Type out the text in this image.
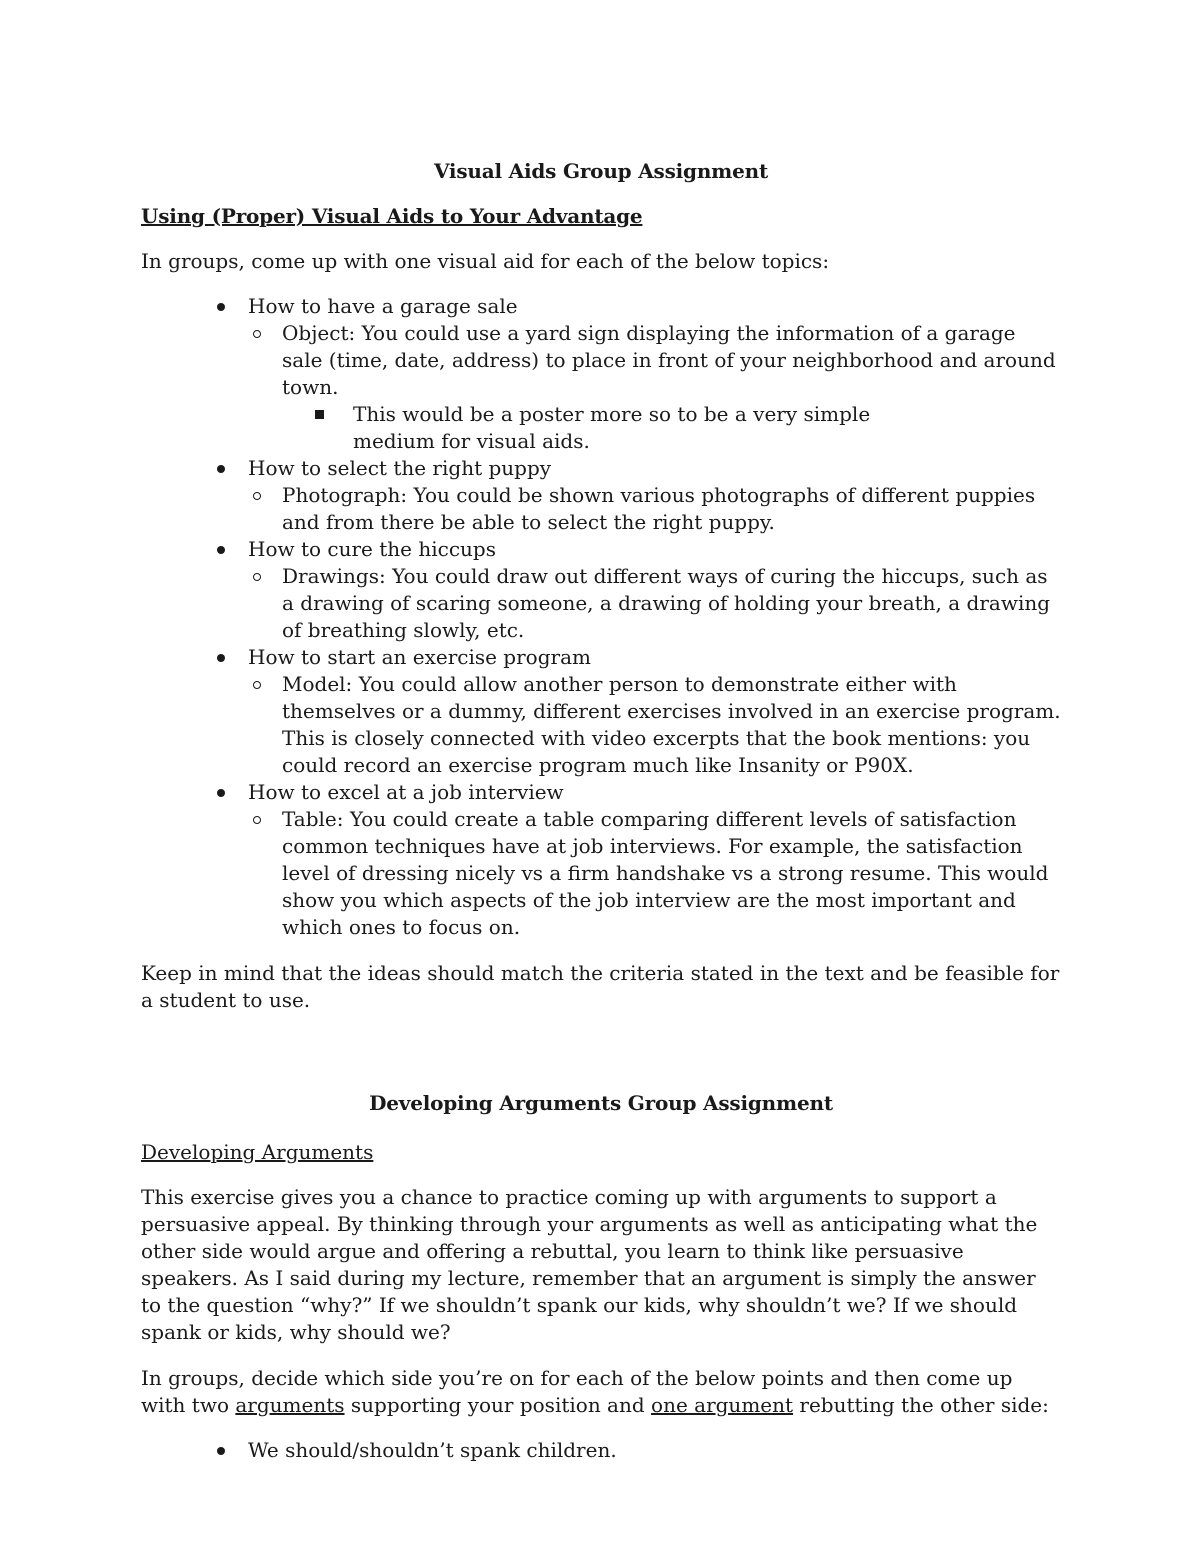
Visual Aids Group Assignment

Using (Proper) Visual Aids to Your Advantage

In groups, come up with one visual aid for each of the below topics:

How to have a garage sale
Object: You could use a yard sign displaying the information of a garage sale (time, date, address) to place in front of your neighborhood and around town.
This would be a poster more so to be a very simple medium for visual aids.
How to select the right puppy
Photograph: You could be shown various photographs of different puppies and from there be able to select the right puppy.
How to cure the hiccups
Drawings: You could draw out different ways of curing the hiccups, such as a drawing of scaring someone, a drawing of holding your breath, a drawing of breathing slowly, etc.
How to start an exercise program
Model: You could allow another person to demonstrate either with themselves or a dummy, different exercises involved in an exercise program. This is closely connected with video excerpts that the book mentions: you could record an exercise program much like Insanity or P90X.
How to excel at a job interview
Table: You could create a table comparing different levels of satisfaction common techniques have at job interviews. For example, the satisfaction level of dressing nicely vs a firm handshake vs a strong resume. This would show you which aspects of the job interview are the most important and which ones to focus on.

Keep in mind that the ideas should match the criteria stated in the text and be feasible for a student to use.

Developing Arguments Group Assignment

Developing Arguments

This exercise gives you a chance to practice coming up with arguments to support a persuasive appeal. By thinking through your arguments as well as anticipating what the other side would argue and offering a rebuttal, you learn to think like persuasive speakers. As I said during my lecture, remember that an argument is simply the answer to the question “why?” If we shouldn’t spank our kids, why shouldn’t we? If we should spank or kids, why should we?

In groups, decide which side you’re on for each of the below points and then come up with two arguments supporting your position and one argument rebutting the other side:

We should/shouldn’t spank children.
